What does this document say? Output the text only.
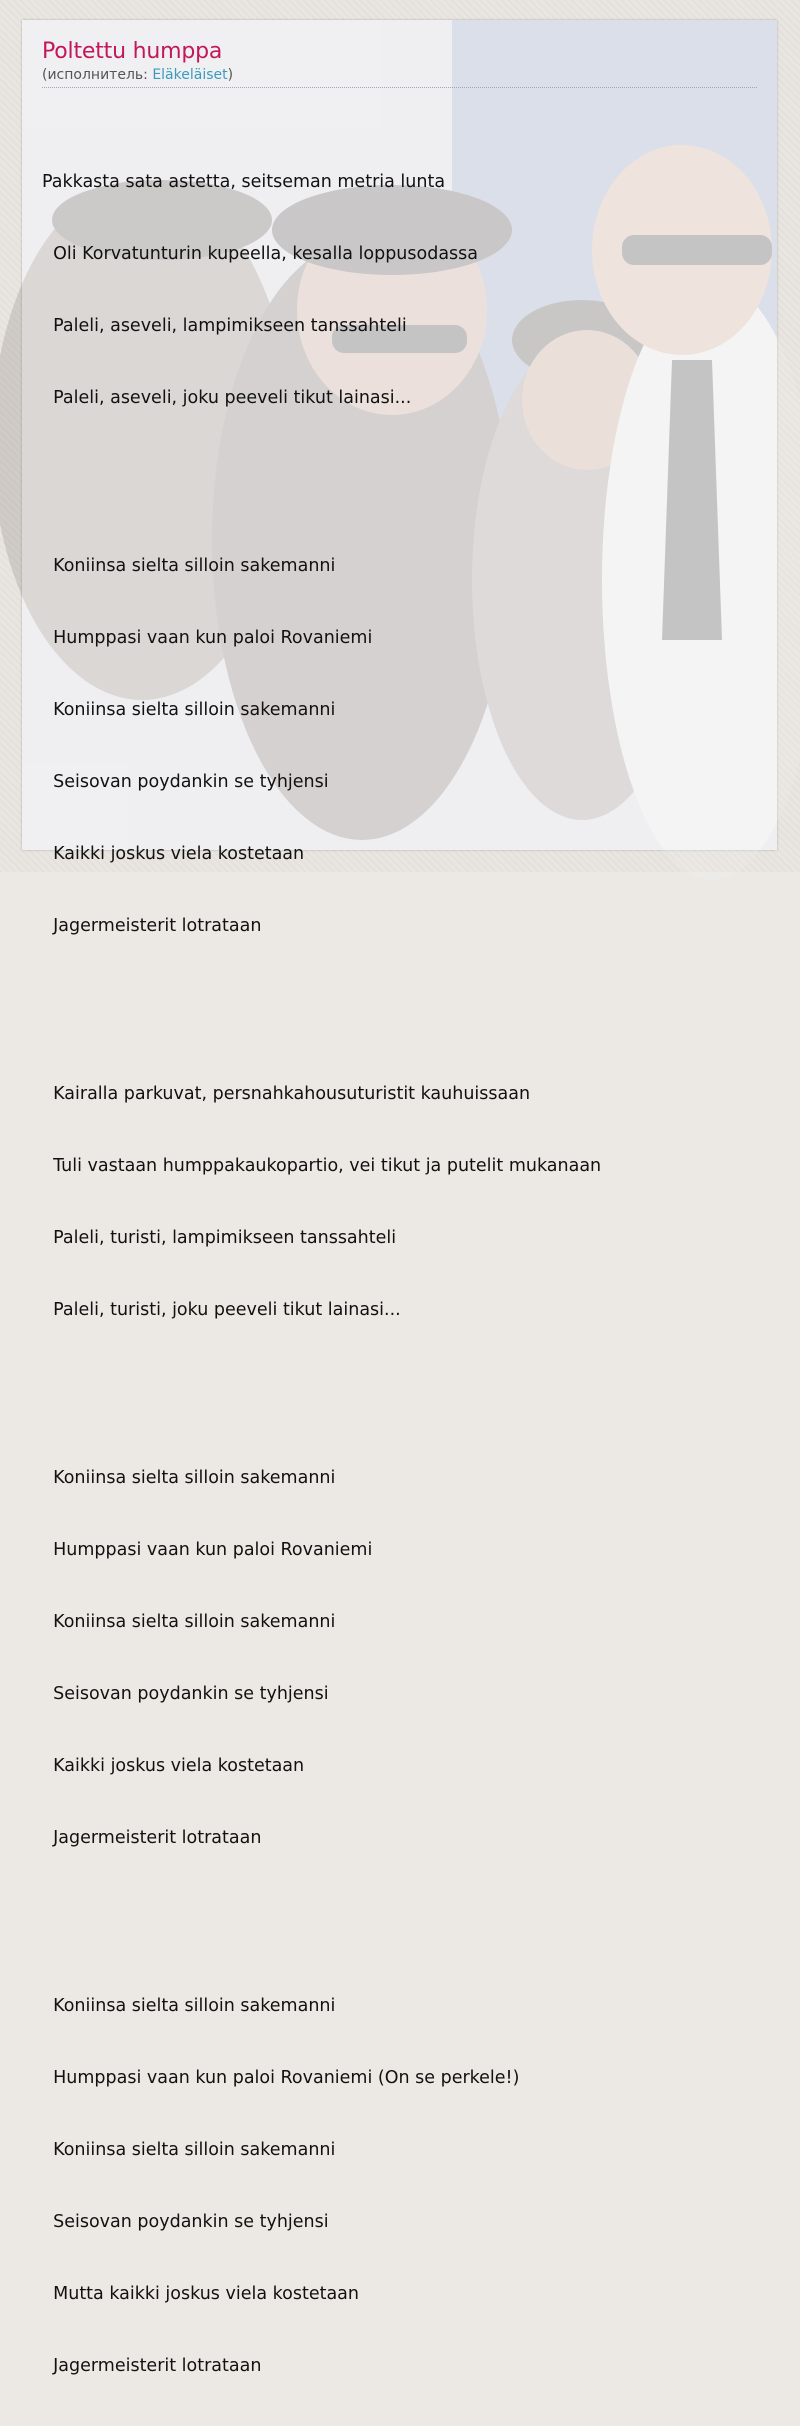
Poltettu humppa
(исполнитель: Eläkeläiset)

Pakkasta sata astetta, seitseman metria lunta

Oli Korvatunturin kupeella, kesalla loppusodassa

Paleli, aseveli, lampimikseen tanssahteli

Paleli, aseveli, joku peeveli tikut lainasi...

Koniinsa sielta silloin sakemanni

Humppasi vaan kun paloi Rovaniemi

Koniinsa sielta silloin sakemanni

Seisovan poydankin se tyhjensi

Kaikki joskus viela kostetaan

Jagermeisterit lotrataan

Kairalla parkuvat, persnahkahousuturistit kauhuissaan

Tuli vastaan humppakaukopartio, vei tikut ja putelit mukanaan

Paleli, turisti, lampimikseen tanssahteli

Paleli, turisti, joku peeveli tikut lainasi...

Koniinsa sielta silloin sakemanni

Humppasi vaan kun paloi Rovaniemi

Koniinsa sielta silloin sakemanni

Seisovan poydankin se tyhjensi

Kaikki joskus viela kostetaan

Jagermeisterit lotrataan

Koniinsa sielta silloin sakemanni

Humppasi vaan kun paloi Rovaniemi (On se perkele!)

Koniinsa sielta silloin sakemanni

Seisovan poydankin se tyhjensi

Mutta kaikki joskus viela kostetaan

Jagermeisterit lotrataan
